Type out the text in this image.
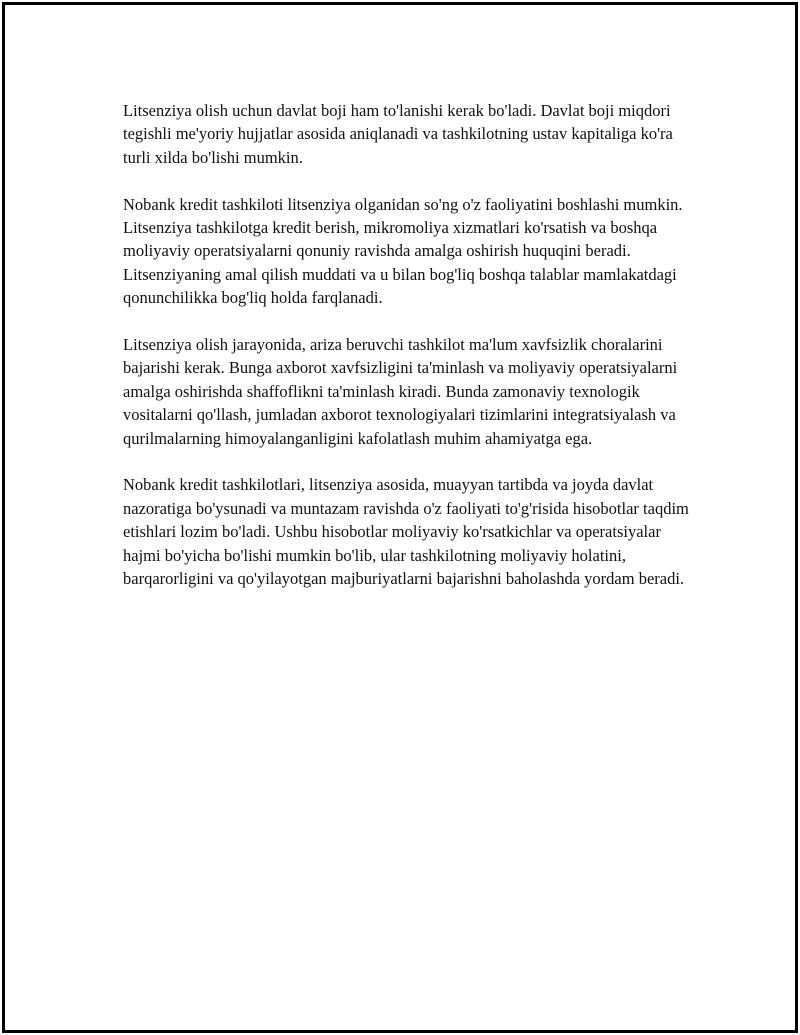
Litsenziya olish uchun davlat boji ham to'lanishi kerak bo'ladi. Davlat boji miqdori tegishli me'yoriy hujjatlar asosida aniqlanadi va tashkilotning ustav kapitaliga ko'ra turli xilda bo'lishi mumkin.

Nobank kredit tashkiloti litsenziya olganidan so'ng o'z faoliyatini boshlashi mumkin. Litsenziya tashkilotga kredit berish, mikromoliya xizmatlari ko'rsatish va boshqa moliyaviy operatsiyalarni qonuniy ravishda amalga oshirish huquqini beradi. Litsenziyaning amal qilish muddati va u bilan bog'liq boshqa talablar mamlakatdagi qonunchilikka bog'liq holda farqlanadi.

Litsenziya olish jarayonida, ariza beruvchi tashkilot ma'lum xavfsizlik choralarini bajarishi kerak. Bunga axborot xavfsizligini ta'minlash va moliyaviy operatsiyalarni amalga oshirishda shaffoflikni ta'minlash kiradi. Bunda zamonaviy texnologik vositalarni qo'llash, jumladan axborot texnologiyalari tizimlarini integratsiyalash va qurilmalarning himoyalanganligini kafolatlash muhim ahamiyatga ega.

Nobank kredit tashkilotlari, litsenziya asosida, muayyan tartibda va joyda davlat nazoratiga bo'ysunadi va muntazam ravishda o'z faoliyati to'g'risida hisobotlar taqdim etishlari lozim bo'ladi. Ushbu hisobotlar moliyaviy ko'rsatkichlar va operatsiyalar hajmi bo'yicha bo'lishi mumkin bo'lib, ular tashkilotning moliyaviy holatini, barqarorligini va qo'yilayotgan majburiyatlarni bajarishni baholashda yordam beradi.
